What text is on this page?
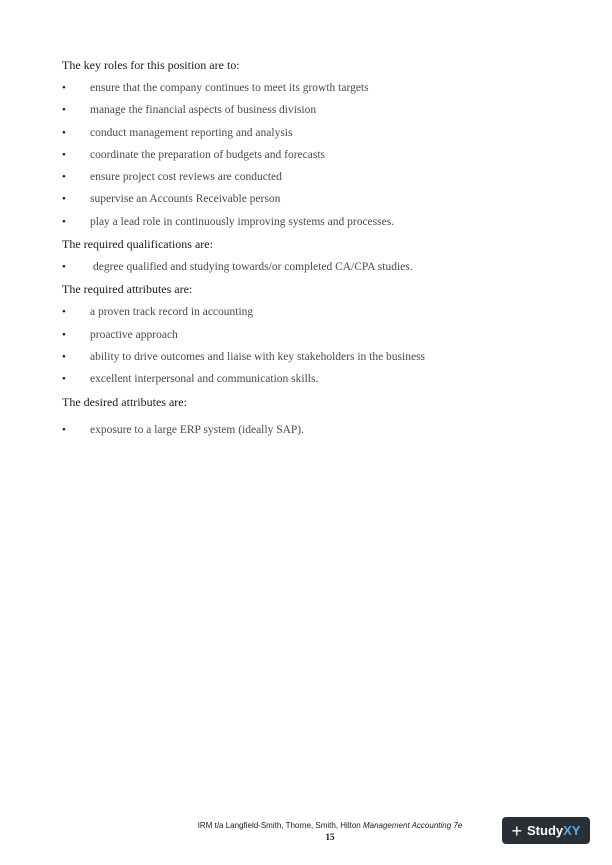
The key roles for this position are to:

• ensure that the company continues to meet its growth targets
• manage the financial aspects of business division
• conduct management reporting and analysis
• coordinate the preparation of budgets and forecasts
• ensure project cost reviews are conducted
• supervise an Accounts Receivable person
• play a lead role in continuously improving systems and processes.

The required qualifications are:

• degree qualified and studying towards/or completed CA/CPA studies.

The required attributes are:

• a proven track record in accounting
• proactive approach
• ability to drive outcomes and liaise with key stakeholders in the business
• excellent interpersonal and communication skills.

The desired attributes are:

• exposure to a large ERP system (ideally SAP).
IRM t/a Langfield-Smith, Thorne, Smith, Hilton Management Accounting 7e
15	+ Study XY
